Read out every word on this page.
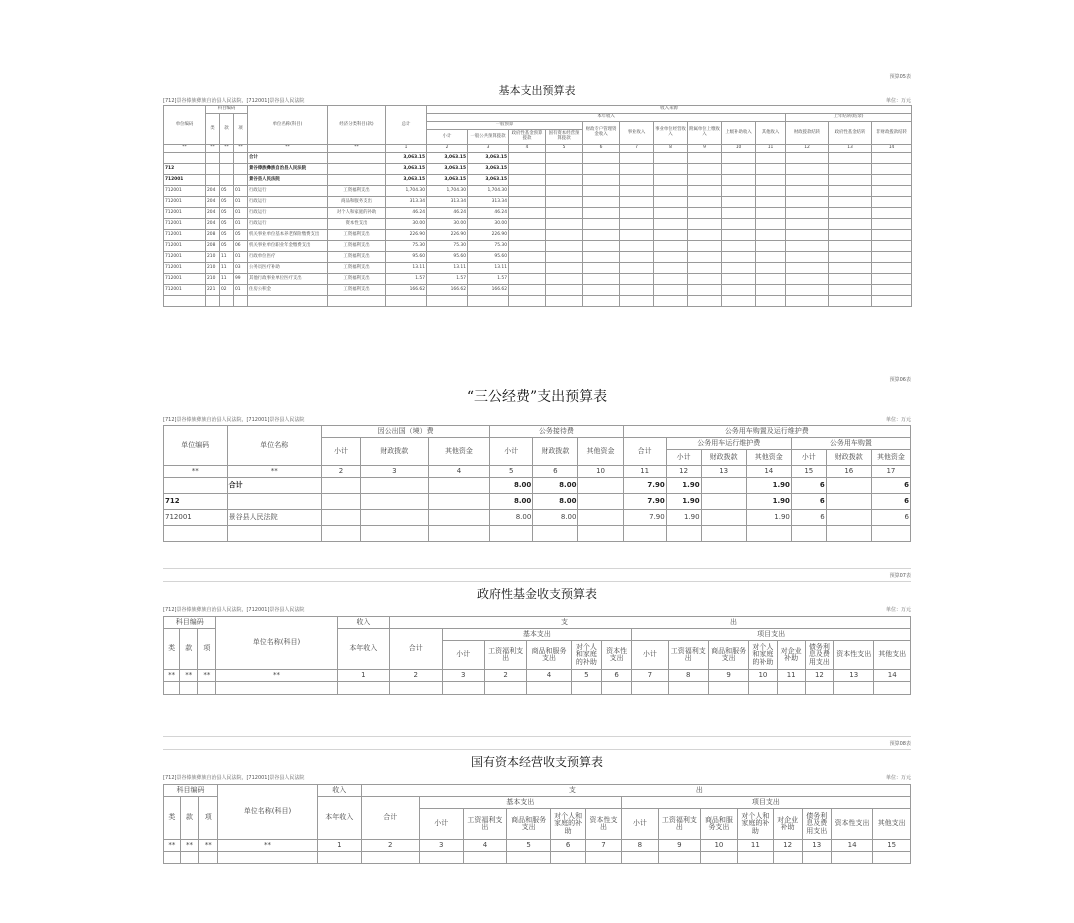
预算05表
基本支出预算表
[712]景谷傣族彝族自治县人民法院，[712001]景谷县人民法院	单位：万元
单位编码	科目编码			单位名称(科目)	经济分类科目(款)	总计	收入来源												
	类	款	项				本年收入										上年结转(结余)		
							一般预算				财政专户管理资金收入	事业收入	事业单位经营收入	附属单位上缴收入	上级补助收入	其他收入	财政拨款结转	政府性基金结转	非财政拨款结转
							小计	一般公共预算拨款	政府性基金预算拨款	国有资本经营预算拨款									
**	**	**	**	**	**	1	2	3	4	5	6	7	8	9	10	11	12	13	14
				合计		3,063.15	3,063.15	3,063.15											
712				景谷傣族彝族自治县人民法院		3,063.15	3,063.15	3,063.15											
712001				景谷县人民法院		3,063.15	3,063.15	3,063.15											
712001	204	05	01	行政运行	工资福利支出	1,704.30	1,704.30	1,704.30											
712001	204	05	01	行政运行	商品和服务支出	313.34	313.34	313.34											
712001	204	05	01	行政运行	对个人和家庭的补助	46.24	46.24	46.24											
712001	204	05	01	行政运行	资本性支出	30.00	30.00	30.00											
712001	208	05	05	机关事业单位基本养老保险缴费支出	工资福利支出	226.90	226.90	226.90											
712001	208	05	06	机关事业单位职业年金缴费支出	工资福利支出	75.30	75.30	75.30											
712001	210	11	01	行政单位医疗	工资福利支出	95.60	95.60	95.60											
712001	210	11	03	公务员医疗补助	工资福利支出	13.11	13.11	13.11											
712001	210	11	99	其他行政事业单位医疗支出	工资福利支出	1.57	1.57	1.57											
712001	221	02	01	住房公积金	工资福利支出	166.62	166.62	166.62											

预算06表
“三公经费”支出预算表
[712]景谷傣族彝族自治县人民法院，[712001]景谷县人民法院	单位：万元
单位编码	单位名称	因公出国（境）费			公务接待费			公务用车购置及运行维护费						
		小计	财政拨款	其他资金	小计	财政拨款	其他资金	合计	公务用车运行维护费			公务用车购置		
									小计	财政拨款	其他资金	小计	财政拨款	其他资金
**	**	2	3	4	5	6	10	11	12	13	14	15	16	17
	合计				8.00	8.00		7.90	1.90		1.90	6		6
712					8.00	8.00		7.90	1.90		1.90	6		6
712001	景谷县人民法院				8.00	8.00		7.90	1.90		1.90	6		6

预算07表
政府性基金收支预算表
[712]景谷傣族彝族自治县人民法院，[712001]景谷县人民法院	单位：万元
科目编码			单位名称(科目)	收入	支 出													
类	款	项		本年收入	合计	基本支出					项目支出							
						小计	工资福利支出	商品和服务支出	对个人和家庭的补助	资本性支出	小计	工资福利支出	商品和服务支出	对个人和家庭的补助	对企业补助	债务利息及费用支出	资本性支出	其他支出
**	**	**	**	1	2	3	2	4	5	6	7	8	9	10	11	12	13	14

预算08表
国有资本经营收支预算表
[712]景谷傣族彝族自治县人民法院，[712001]景谷县人民法院	单位：万元
科目编码			单位名称(科目)	收入	支 出													
类	款	项		本年收入	合计	基本支出					项目支出							
						小计	工资福利支出	商品和服务支出	对个人和家庭的补助	资本性支出	小计	工资福利支出	商品和服务支出	对个人和家庭的补助	对企业补助	债务利息及费用支出	资本性支出	其他支出
**	**	**	**	1	2	3	4	5	6	7	8	9	10	11	12	13	14	15
